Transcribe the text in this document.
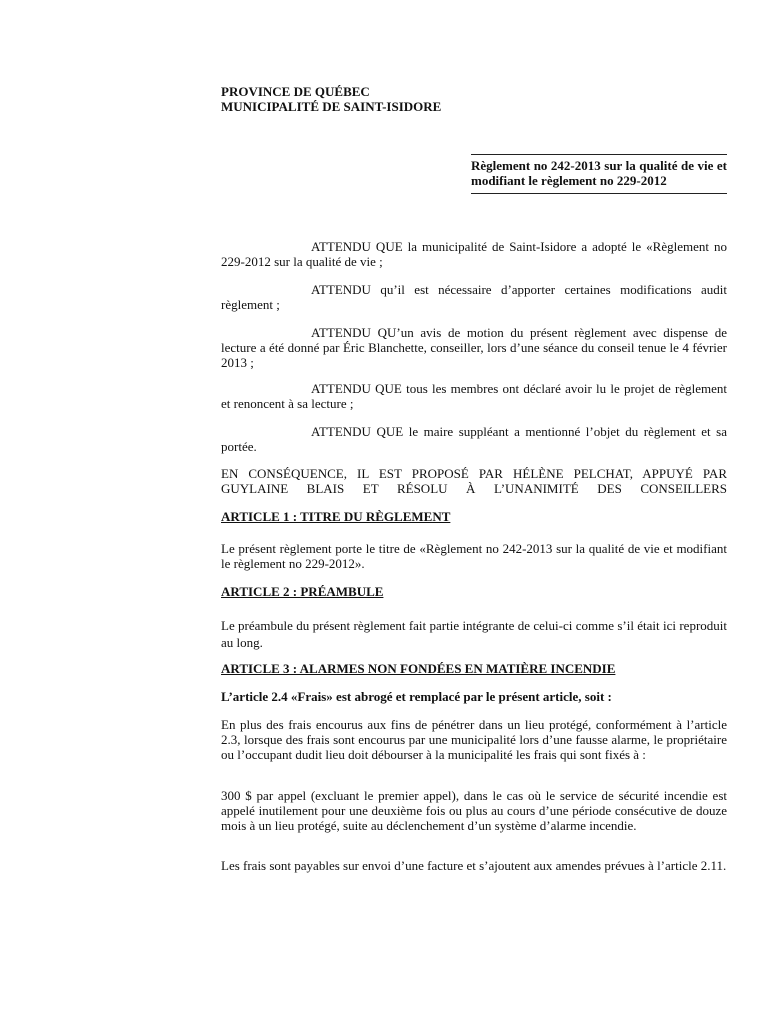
PROVINCE DE QUÉBEC
MUNICIPALITÉ DE SAINT-ISIDORE
Règlement no 242-2013 sur la qualité de vie et modifiant le règlement no 229-2012

ATTENDU QUE la municipalité de Saint-Isidore a adopté le «Règlement no 229-2012 sur la qualité de vie ;

ATTENDU qu’il est nécessaire d’apporter certaines modifications audit règlement ;

ATTENDU QU’un avis de motion du présent règlement avec dispense de lecture a été donné par Éric Blanchette, conseiller, lors d’une séance du conseil tenue le 4 février 2013 ;

ATTENDU QUE tous les membres ont déclaré avoir lu le projet de règlement et renoncent à sa lecture ;

ATTENDU QUE le maire suppléant a mentionné l’objet du règlement et sa portée.

EN CONSÉQUENCE, IL EST PROPOSÉ PAR HÉLÈNE PELCHAT, APPUYÉ PAR GUYLAINE BLAIS ET RÉSOLU À L’UNANIMITÉ DES CONSEILLERS

ARTICLE 1 : TITRE DU RÈGLEMENT

Le présent règlement porte le titre de «Règlement no 242-2013 sur la qualité de vie et modifiant le règlement no 229-2012».

ARTICLE 2 : PRÉAMBULE

Le préambule du présent règlement fait partie intégrante de celui-ci comme s’il était ici reproduit au long.

ARTICLE 3 : ALARMES NON FONDÉES EN MATIÈRE INCENDIE

L’article 2.4 «Frais» est abrogé et remplacé par le présent article, soit :

En plus des frais encourus aux fins de pénétrer dans un lieu protégé, conformément à l’article 2.3, lorsque des frais sont encourus par une municipalité lors d’une fausse alarme, le propriétaire ou l’occupant dudit lieu doit débourser à la municipalité les frais qui sont fixés à :

300 $ par appel (excluant le premier appel), dans le cas où le service de sécurité incendie est appelé inutilement pour une deuxième fois ou plus au cours d’une période consécutive de douze mois à un lieu protégé, suite au déclenchement d’un système d’alarme incendie.

Les frais sont payables sur envoi d’une facture et s’ajoutent aux amendes prévues à l’article 2.11.
